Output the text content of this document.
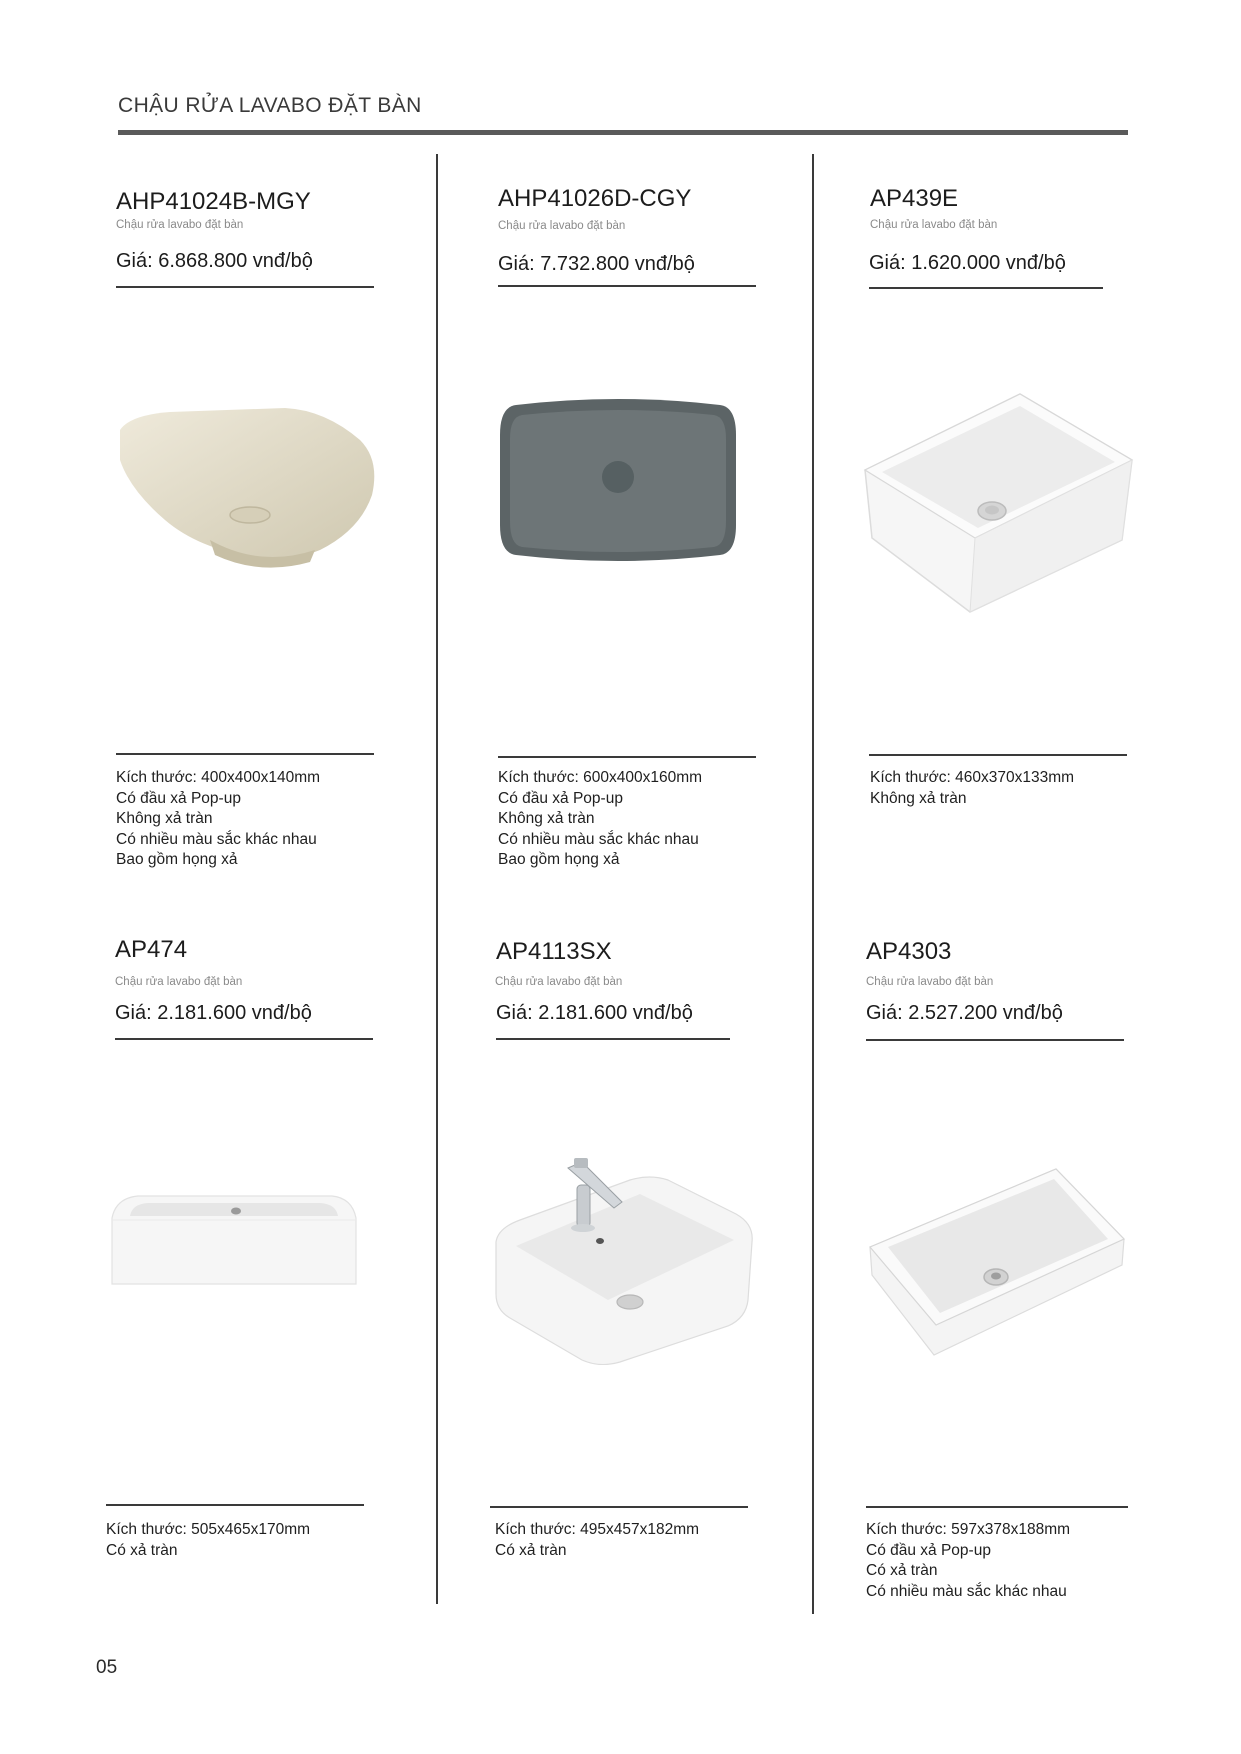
CHẬU RỬA LAVABO ĐẶT BÀN
AHP41024B-MGY
Chậu rửa lavabo đặt bàn
Giá: 6.868.800 vnđ/bộ
Kích thước: 400x400x140mm
Có đầu xả Pop-up
Không xả tràn
Có nhiều màu sắc khác nhau
Bao gồm họng xả
AHP41026D-CGY
Chậu rửa lavabo đặt bàn
Giá: 7.732.800 vnđ/bộ
Kích thước: 600x400x160mm
Có đầu xả Pop-up
Không xả tràn
Có nhiều màu sắc khác nhau
Bao gồm họng xả
AP439E
Chậu rửa lavabo đặt bàn
Giá: 1.620.000 vnđ/bộ
Kích thước: 460x370x133mm
Không xả tràn
AP474
Chậu rửa lavabo đặt bàn
Giá: 2.181.600 vnđ/bộ
Kích thước: 505x465x170mm
Có xả tràn
AP4113SX
Chậu rửa lavabo đặt bàn
Giá: 2.181.600 vnđ/bộ
Kích thước: 495x457x182mm
Có xả tràn
AP4303
Chậu rửa lavabo đặt bàn
Giá: 2.527.200 vnđ/bộ
Kích thước: 597x378x188mm
Có đầu xả Pop-up
Có xả tràn
Có nhiều màu sắc khác nhau
05
